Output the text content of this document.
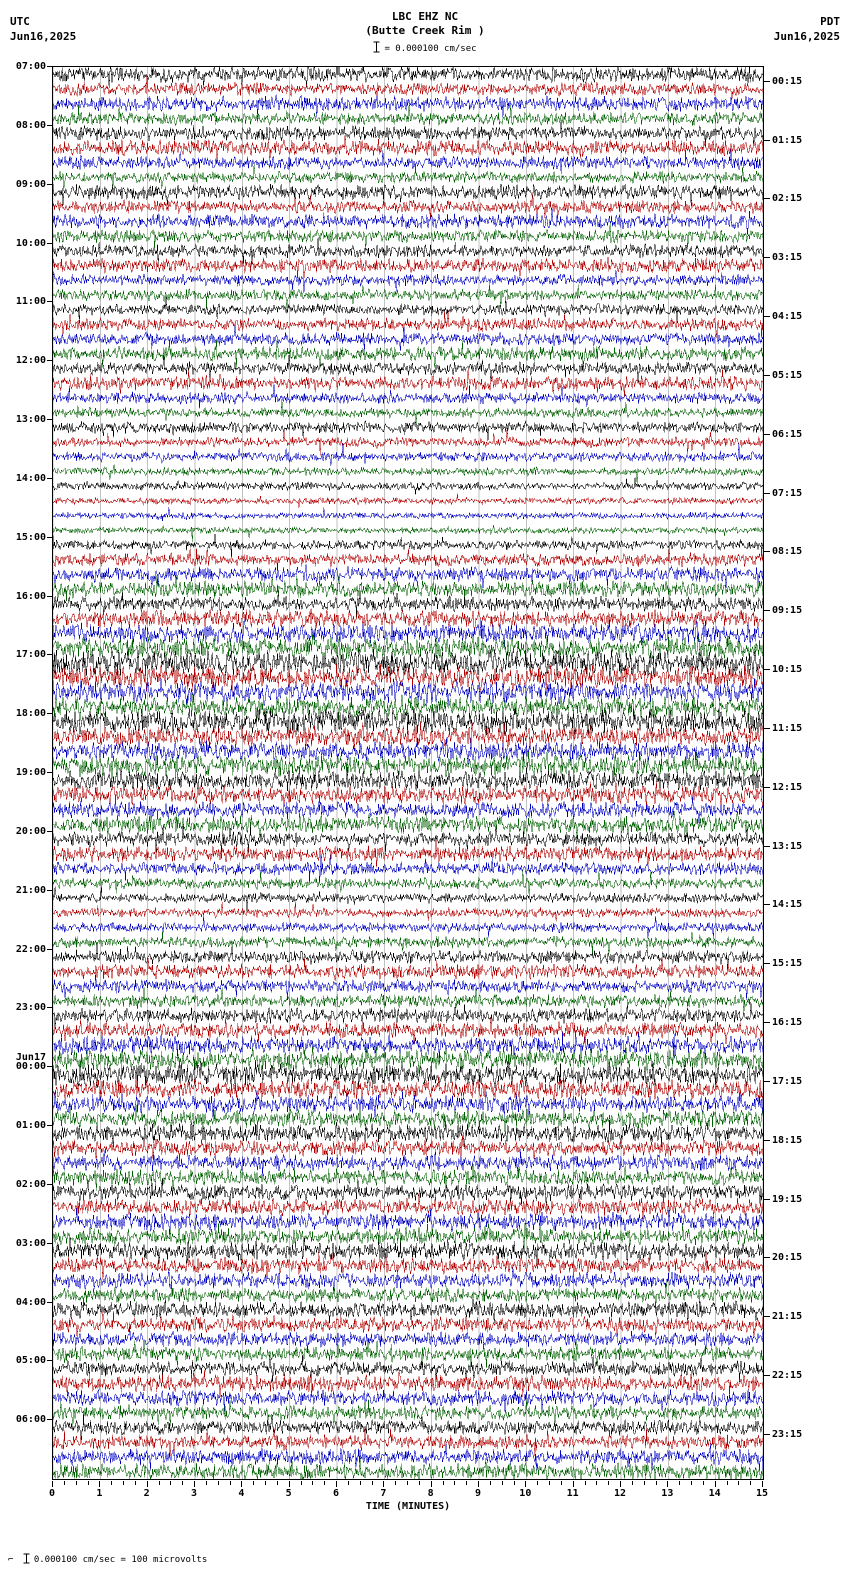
UTC
Jun16,2025
PDT
Jun16,2025
LBC EHZ NC
(Butte Creek Rim )
= 0.000100 cm/sec
07:00
08:00
09:00
10:00
11:00
12:00
13:00
14:00
15:00
16:00
17:00
18:00
19:00
20:00
21:00
22:00
23:00
Jun17
00:00
01:00
02:00
03:00
04:00
05:00
06:00
00:15
01:15
02:15
03:15
04:15
05:15
06:15
07:15
08:15
09:15
10:15
11:15
12:15
13:15
14:15
15:15
16:15
17:15
18:15
19:15
20:15
21:15
22:15
23:15
TIME (MINUTES)
0	1	2	3	4	5	6	7	8	9	10	11	12	13	14	15
⌐ 0.000100 cm/sec = 100 microvolts
